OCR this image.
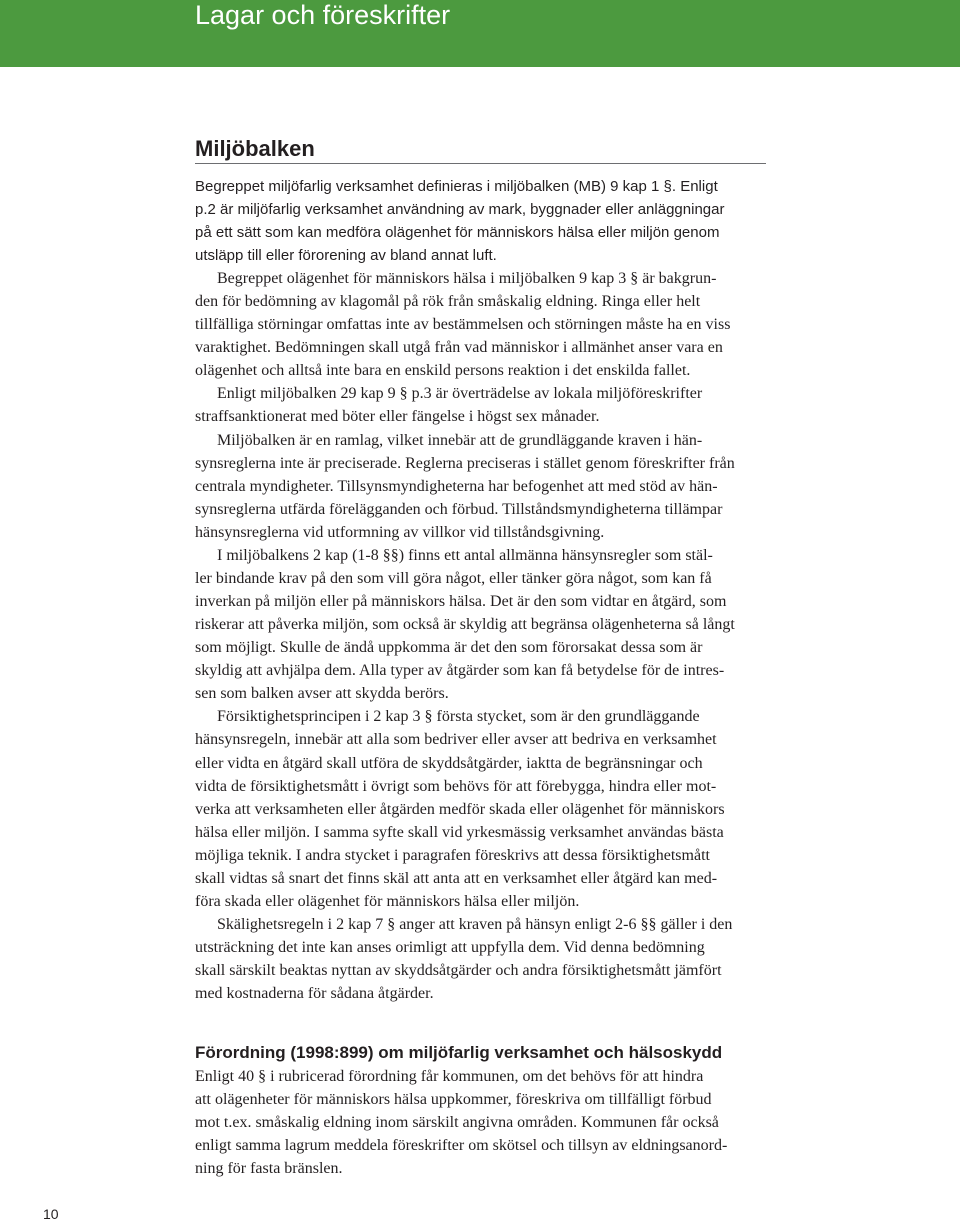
Lagar och föreskrifter
Miljöbalken
Begreppet miljöfarlig verksamhet definieras i miljöbalken (MB) 9 kap 1 §. Enligt
p.2 är miljöfarlig verksamhet användning av mark, byggnader eller anläggningar
på ett sätt som kan medföra olägenhet för människors hälsa eller miljön genom
utsläpp till eller förorening av bland annat luft.
Begreppet olägenhet för människors hälsa i miljöbalken 9 kap 3 § är bakgrun-
den för bedömning av klagomål på rök från småskalig eldning. Ringa eller helt
tillfälliga störningar omfattas inte av bestämmelsen och störningen måste ha en viss
varaktighet. Bedömningen skall utgå från vad människor i allmänhet anser vara en
olägenhet och alltså inte bara en enskild persons reaktion i det enskilda fallet.
Enligt miljöbalken 29 kap 9 § p.3 är överträdelse av lokala miljöföreskrifter
straffsanktionerat med böter eller fängelse i högst sex månader.
Miljöbalken är en ramlag, vilket innebär att de grundläggande kraven i hän-
synsreglerna inte är preciserade. Reglerna preciseras i stället genom föreskrifter från
centrala myndigheter. Tillsynsmyndigheterna har befogenhet att med stöd av hän-
synsreglerna utfärda förelägganden och förbud. Tillståndsmyndigheterna tillämpar
hänsynsreglerna vid utformning av villkor vid tillståndsgivning.
I miljöbalkens 2 kap (1-8 §§) finns ett antal allmänna hänsynsregler som stäl-
ler bindande krav på den som vill göra något, eller tänker göra något, som kan få
inverkan på miljön eller på människors hälsa. Det är den som vidtar en åtgärd, som
riskerar att påverka miljön, som också är skyldig att begränsa olägenheterna så långt
som möjligt. Skulle de ändå uppkomma är det den som förorsakat dessa som är
skyldig att avhjälpa dem. Alla typer av åtgärder som kan få betydelse för de intres-
sen som balken avser att skydda berörs.
Försiktighetsprincipen i 2 kap 3 § första stycket, som är den grundläggande
hänsynsregeln, innebär att alla som bedriver eller avser att bedriva en verksamhet
eller vidta en åtgärd skall utföra de skyddsåtgärder, iaktta de begränsningar och
vidta de försiktighetsmått i övrigt som behövs för att förebygga, hindra eller mot-
verka att verksamheten eller åtgärden medför skada eller olägenhet för människors
hälsa eller miljön. I samma syfte skall vid yrkesmässig verksamhet användas bästa
möjliga teknik. I andra stycket i paragrafen föreskrivs att dessa försiktighetsmått
skall vidtas så snart det finns skäl att anta att en verksamhet eller åtgärd kan med-
föra skada eller olägenhet för människors hälsa eller miljön.
Skälighetsregeln i 2 kap 7 § anger att kraven på hänsyn enligt 2-6 §§ gäller i den
utsträckning det inte kan anses orimligt att uppfylla dem. Vid denna bedömning
skall särskilt beaktas nyttan av skyddsåtgärder och andra försiktighetsmått jämfört
med kostnaderna för sådana åtgärder.
Förordning (1998:899) om miljöfarlig verksamhet och hälsoskydd
Enligt 40 § i rubricerad förordning får kommunen, om det behövs för att hindra
att olägenheter för människors hälsa uppkommer, föreskriva om tillfälligt förbud
mot t.ex. småskalig eldning inom särskilt angivna områden. Kommunen får också
enligt samma lagrum meddela föreskrifter om skötsel och tillsyn av eldningsanord-
ning för fasta bränslen.
10
